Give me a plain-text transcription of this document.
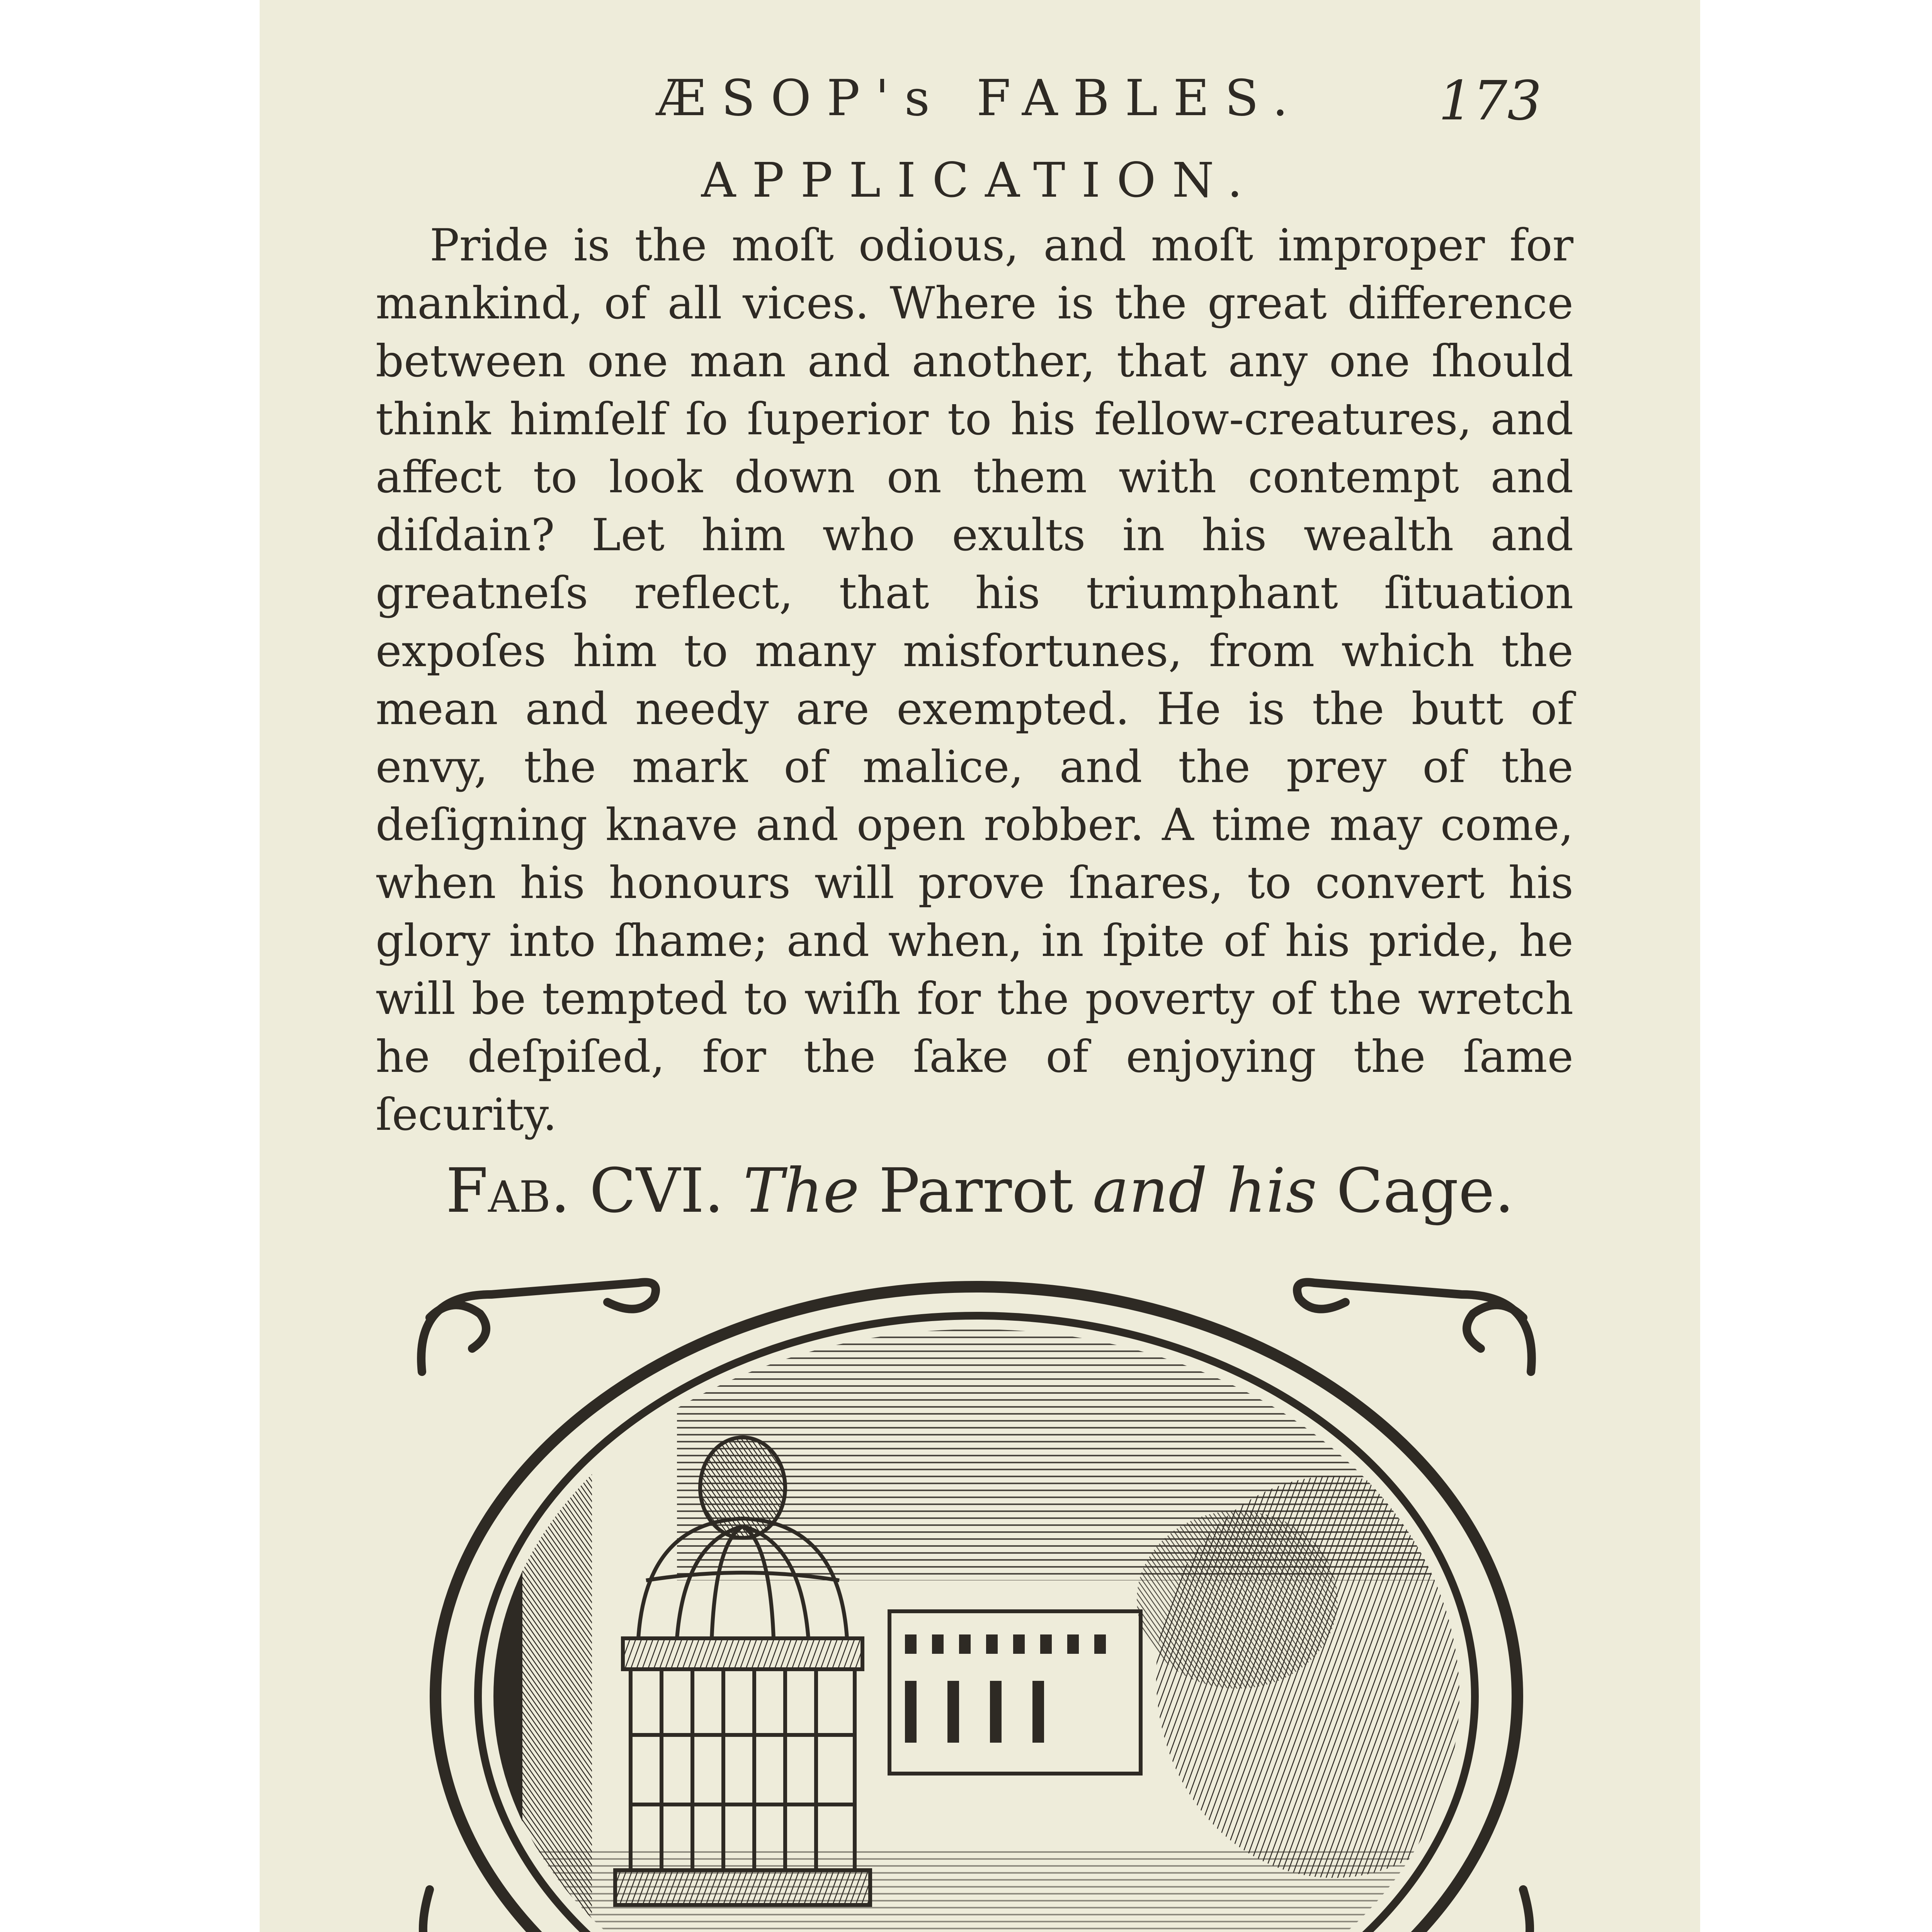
ÆSOP's FABLES.	173
APPLICATION.

Pride is the moſt odious, and moſt improper for mankind, of all vices. Where is the great difference between one man and another, that any one ſhould think himſelf ſo ſuperior to his fellow-creatures, and affect to look down on them with contempt and diſdain? Let him who exults in his wealth and greatneſs reflect, that his triumphant ſituation expoſes him to many misfortunes, from which the mean and needy are exempted. He is the butt of envy, the mark of malice, and the prey of the deſigning knave and open robber. A time may come, when his honours will prove ſnares, to convert his glory into ſhame; and when, in ſpite of his pride, he will be tempted to wiſh for the poverty of the wretch he deſpiſed, for the ſake of enjoying the ſame ſecurity.

Fab. CVI. The Parrot and his Cage.
